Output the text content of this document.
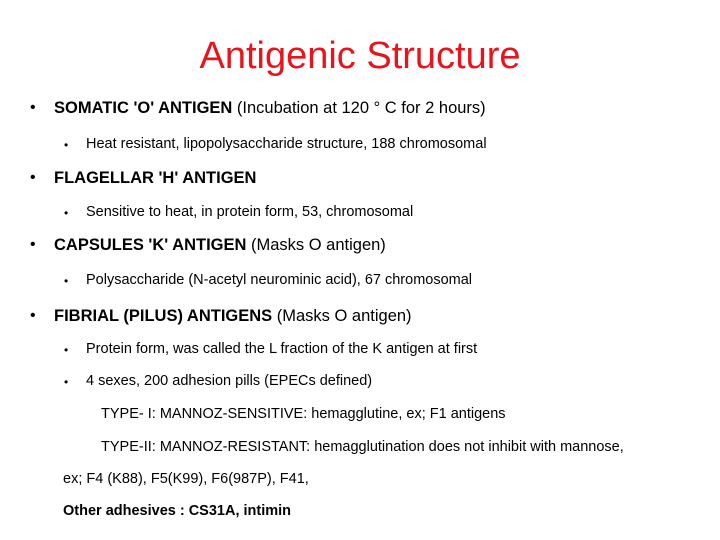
Antigenic Structure
• SOMATIC 'O' ANTIGEN (Incubation at 120 ° C for 2 hours)
• Heat resistant, lipopolysaccharide structure, 188 chromosomal
• FLAGELLAR 'H' ANTIGEN
• Sensitive to heat, in protein form, 53, chromosomal
• CAPSULES 'K' ANTIGEN (Masks O antigen)
• Polysaccharide (N-acetyl neurominic acid), 67 chromosomal
• FIBRIAL (PILUS) ANTIGENS (Masks O antigen)
• Protein form, was called the L fraction of the K antigen at first
• 4 sexes, 200 adhesion pills (EPECs defined)
TYPE- I: MANNOZ-SENSITIVE: hemagglutine, ex; F1 antigens
TYPE-II: MANNOZ-RESISTANT: hemagglutination does not inhibit with mannose,
ex; F4 (K88), F5(K99), F6(987P), F41,
Other adhesives : CS31A, intimin
